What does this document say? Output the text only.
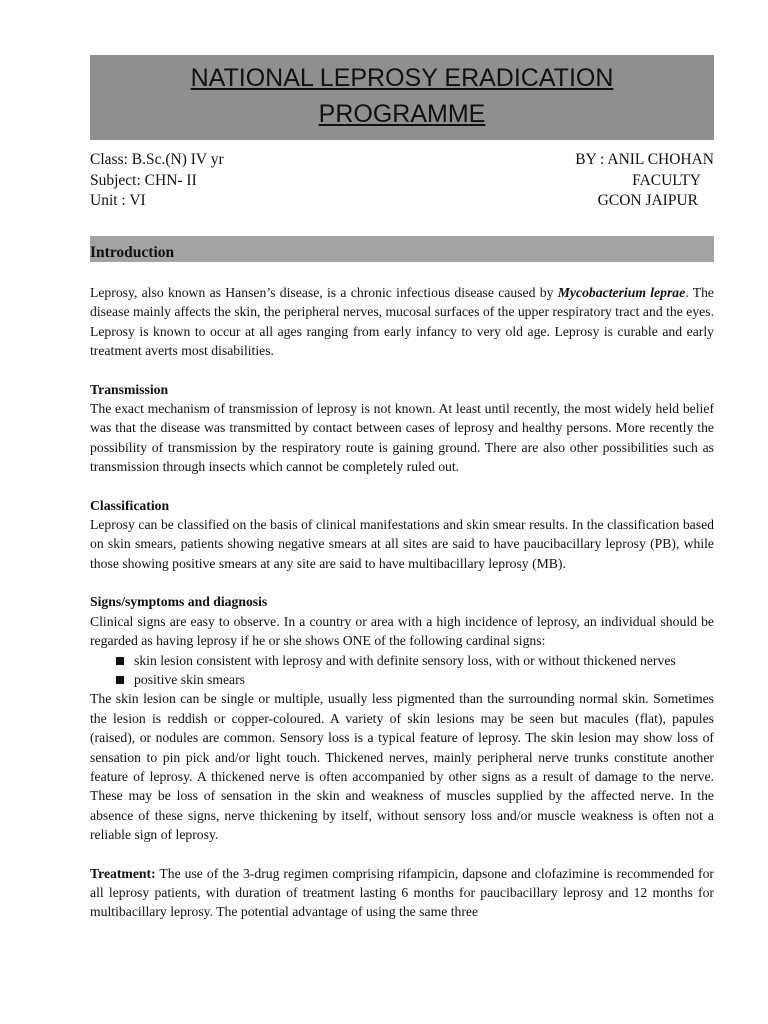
NATIONAL LEPROSY ERADICATION
PROGRAMME
Class: B.Sc.(N) IV yr	BY : ANIL CHOHAN
Subject: CHN- II	FACULTY
Unit : VI	GCON JAIPUR
Introduction

Leprosy, also known as Hansen’s disease, is a chronic infectious disease caused by Mycobacterium leprae. The disease mainly affects the skin, the peripheral nerves, mucosal surfaces of the upper respiratory tract and the eyes. Leprosy is known to occur at all ages ranging from early infancy to very old age. Leprosy is curable and early treatment averts most disabilities.

Transmission

The exact mechanism of transmission of leprosy is not known. At least until recently, the most widely held belief was that the disease was transmitted by contact between cases of leprosy and healthy persons. More recently the possibility of transmission by the respiratory route is gaining ground. There are also other possibilities such as transmission through insects which cannot be completely ruled out.

Classification

Leprosy can be classified on the basis of clinical manifestations and skin smear results. In the classification based on skin smears, patients showing negative smears at all sites are said to have paucibacillary leprosy (PB), while those showing positive smears at any site are said to have multibacillary leprosy (MB).

Signs/symptoms and diagnosis

Clinical signs are easy to observe. In a country or area with a high incidence of leprosy, an individual should be regarded as having leprosy if he or she shows ONE of the following cardinal signs:

skin lesion consistent with leprosy and with definite sensory loss, with or without thickened nerves
positive skin smears

The skin lesion can be single or multiple, usually less pigmented than the surrounding normal skin. Sometimes the lesion is reddish or copper-coloured. A variety of skin lesions may be seen but macules (flat), papules (raised), or nodules are common. Sensory loss is a typical feature of leprosy. The skin lesion may show loss of sensation to pin pick and/or light touch. Thickened nerves, mainly peripheral nerve trunks constitute another feature of leprosy. A thickened nerve is often accompanied by other signs as a result of damage to the nerve. These may be loss of sensation in the skin and weakness of muscles supplied by the affected nerve. In the absence of these signs, nerve thickening by itself, without sensory loss and/or muscle weakness is often not a reliable sign of leprosy.

Treatment: The use of the 3-drug regimen comprising rifampicin, dapsone and clofazimine is recommended for all leprosy patients, with duration of treatment lasting 6 months for paucibacillary leprosy and 12 months for multibacillary leprosy. The potential advantage of using the same three
